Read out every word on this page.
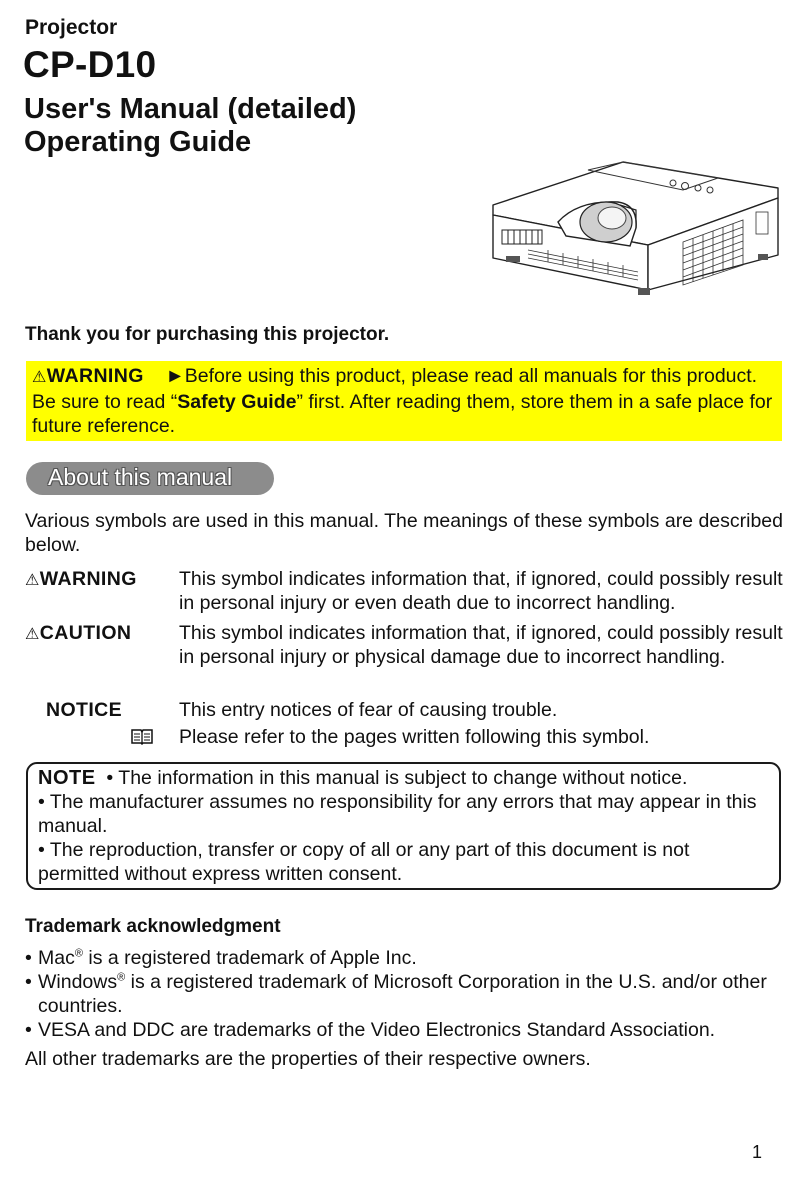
Projector
CP-D10
User's Manual (detailed)
Operating Guide
Thank you for purchasing this projector.
⚠WARNING ►Before using this product, please read all manuals for this product. Be sure to read “Safety Guide” first. After reading them, store them in a safe place for future reference.
About this manual
Various symbols are used in this manual. The meanings of these symbols are described below.
⚠WARNING This symbol indicates information that, if ignored, could possibly result in personal injury or even death due to incorrect handling.
⚠CAUTION This symbol indicates information that, if ignored, could possibly result in personal injury or physical damage due to incorrect handling.
NOTICE	This entry notices of fear of causing trouble.
Please refer to the pages written following this symbol.
NOTE • The information in this manual is subject to change without notice.
• The manufacturer assumes no responsibility for any errors that may appear in this manual.
• The reproduction, transfer or copy of all or any part of this document is not permitted without express written consent.
Trademark acknowledgment
• Mac® is a registered trademark of Apple Inc.
• Windows® is a registered trademark of Microsoft Corporation in the U.S. and/or other countries.
• VESA and DDC are trademarks of the Video Electronics Standard Association.
All other trademarks are the properties of their respective owners.
1
